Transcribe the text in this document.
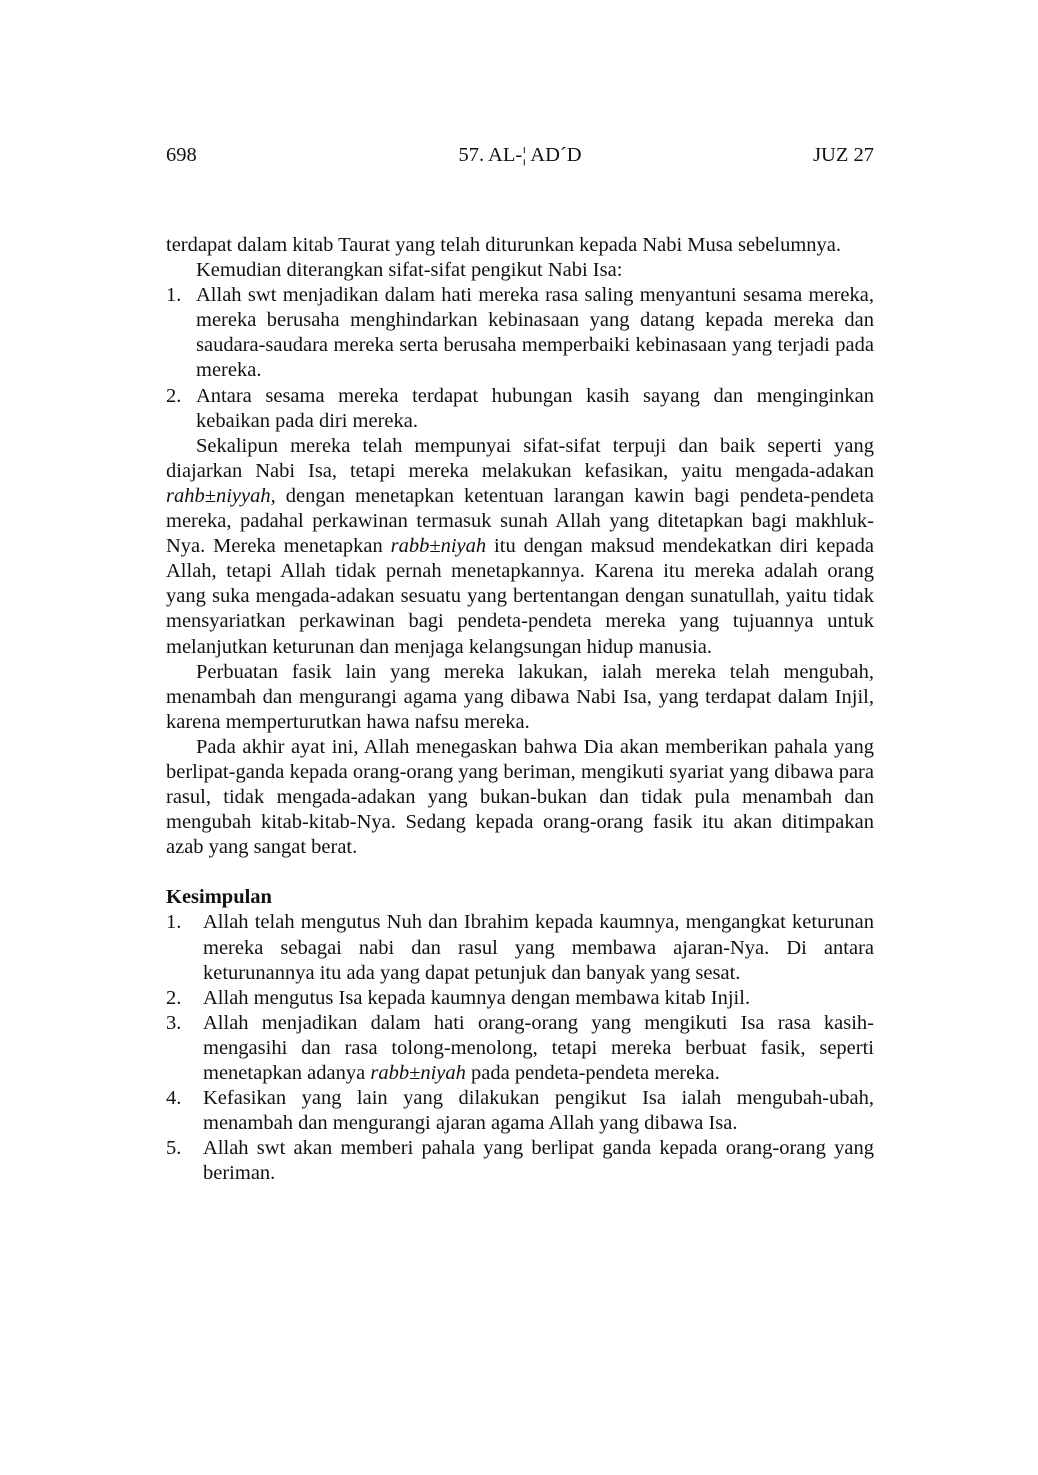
698	57. AL-¦ AD´D	JUZ 27

terdapat dalam kitab Taurat yang telah diturunkan kepada Nabi Musa sebelumnya.

Kemudian diterangkan sifat-sifat pengikut Nabi Isa:

1. Allah swt menjadikan dalam hati mereka rasa saling menyantuni sesama mereka, mereka berusaha menghindarkan kebinasaan yang datang kepada mereka dan saudara-saudara mereka serta berusaha memperbaiki kebinasaan yang terjadi pada mereka.
2. Antara sesama mereka terdapat hubungan kasih sayang dan menginginkan kebaikan pada diri mereka.

Sekalipun mereka telah mempunyai sifat-sifat terpuji dan baik seperti yang diajarkan Nabi Isa, tetapi mereka melakukan kefasikan, yaitu mengada-adakan rahb±niyyah, dengan menetapkan ketentuan larangan kawin bagi pendeta-pendeta mereka, padahal perkawinan termasuk sunah Allah yang ditetapkan bagi makhluk-Nya. Mereka menetapkan rabb±niyah itu dengan maksud mendekatkan diri kepada Allah, tetapi Allah tidak pernah menetapkannya. Karena itu mereka adalah orang yang suka mengada-adakan sesuatu yang bertentangan dengan sunatullah, yaitu tidak mensyariatkan perkawinan bagi pendeta-pendeta mereka yang tujuannya untuk melanjutkan keturunan dan menjaga kelangsungan hidup manusia.

Perbuatan fasik lain yang mereka lakukan, ialah mereka telah mengubah, menambah dan mengurangi agama yang dibawa Nabi Isa, yang terdapat dalam Injil, karena memperturutkan hawa nafsu mereka.

Pada akhir ayat ini, Allah menegaskan bahwa Dia akan memberikan pahala yang berlipat-ganda kepada orang-orang yang beriman, mengikuti syariat yang dibawa para rasul, tidak mengada-adakan yang bukan-bukan dan tidak pula menambah dan mengubah kitab-kitab-Nya. Sedang kepada orang-orang fasik itu akan ditimpakan azab yang sangat berat.

Kesimpulan

1. Allah telah mengutus Nuh dan Ibrahim kepada kaumnya, mengangkat keturunan mereka sebagai nabi dan rasul yang membawa ajaran-Nya. Di antara keturunannya itu ada yang dapat petunjuk dan banyak yang sesat.
2. Allah mengutus Isa kepada kaumnya dengan membawa kitab Injil.
3. Allah menjadikan dalam hati orang-orang yang mengikuti Isa rasa kasih-mengasihi dan rasa tolong-menolong, tetapi mereka berbuat fasik, seperti menetapkan adanya rabb±niyah pada pendeta-pendeta mereka.
4. Kefasikan yang lain yang dilakukan pengikut Isa ialah mengubah-ubah, menambah dan mengurangi ajaran agama Allah yang dibawa Isa.
5. Allah swt akan memberi pahala yang berlipat ganda kepada orang-orang yang beriman.
